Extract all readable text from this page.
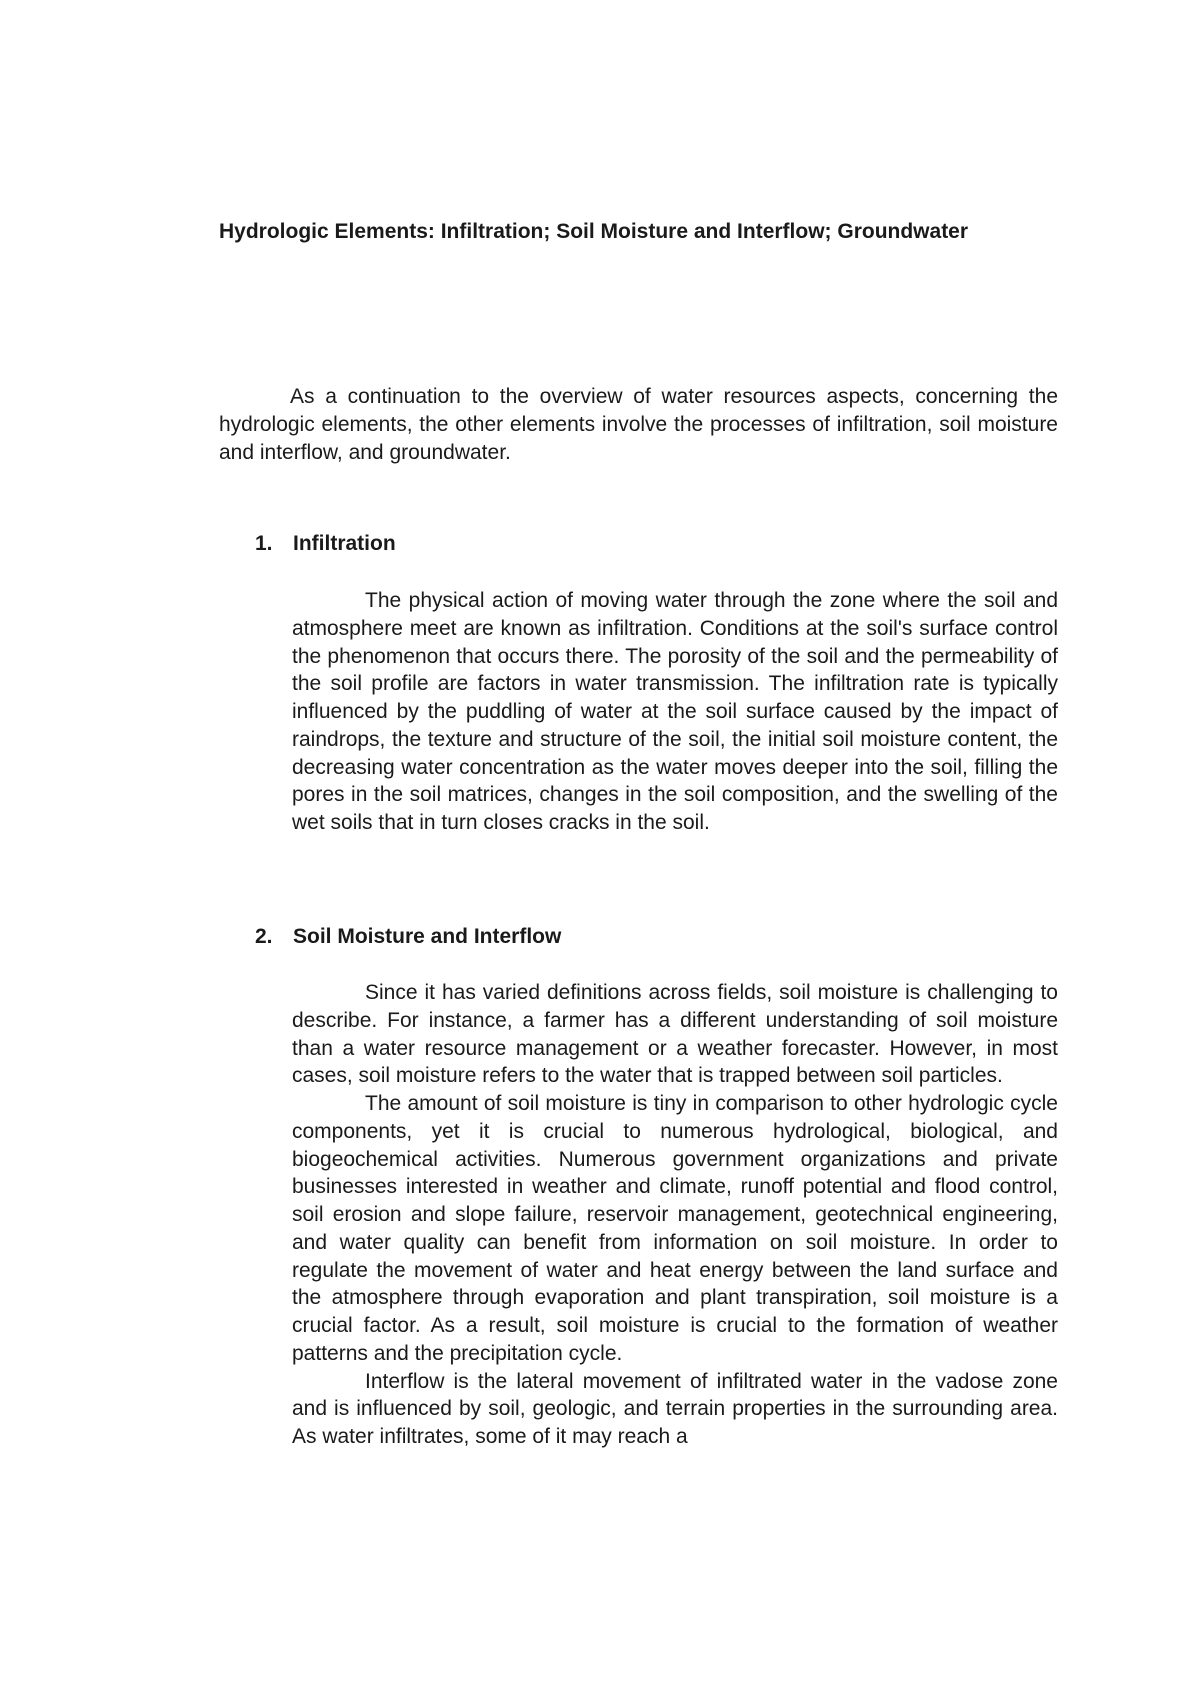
Hydrologic Elements: Infiltration; Soil Moisture and Interflow; Groundwater

As a continuation to the overview of water resources aspects, concerning the hydrologic elements, the other elements involve the processes of infiltration, soil moisture and interflow, and groundwater.

1. Infiltration

The physical action of moving water through the zone where the soil and atmosphere meet are known as infiltration. Conditions at the soil's surface control the phenomenon that occurs there. The porosity of the soil and the permeability of the soil profile are factors in water transmission. The infiltration rate is typically influenced by the puddling of water at the soil surface caused by the impact of raindrops, the texture and structure of the soil, the initial soil moisture content, the decreasing water concentration as the water moves deeper into the soil, filling the pores in the soil matrices, changes in the soil composition, and the swelling of the wet soils that in turn closes cracks in the soil.

2. Soil Moisture and Interflow

Since it has varied definitions across fields, soil moisture is challenging to describe. For instance, a farmer has a different understanding of soil moisture than a water resource management or a weather forecaster. However, in most cases, soil moisture refers to the water that is trapped between soil particles.

The amount of soil moisture is tiny in comparison to other hydrologic cycle components, yet it is crucial to numerous hydrological, biological, and biogeochemical activities. Numerous government organizations and private businesses interested in weather and climate, runoff potential and flood control, soil erosion and slope failure, reservoir management, geotechnical engineering, and water quality can benefit from information on soil moisture. In order to regulate the movement of water and heat energy between the land surface and the atmosphere through evaporation and plant transpiration, soil moisture is a crucial factor. As a result, soil moisture is crucial to the formation of weather patterns and the precipitation cycle.

Interflow is the lateral movement of infiltrated water in the vadose zone and is influenced by soil, geologic, and terrain properties in the surrounding area. As water infiltrates, some of it may reach a
